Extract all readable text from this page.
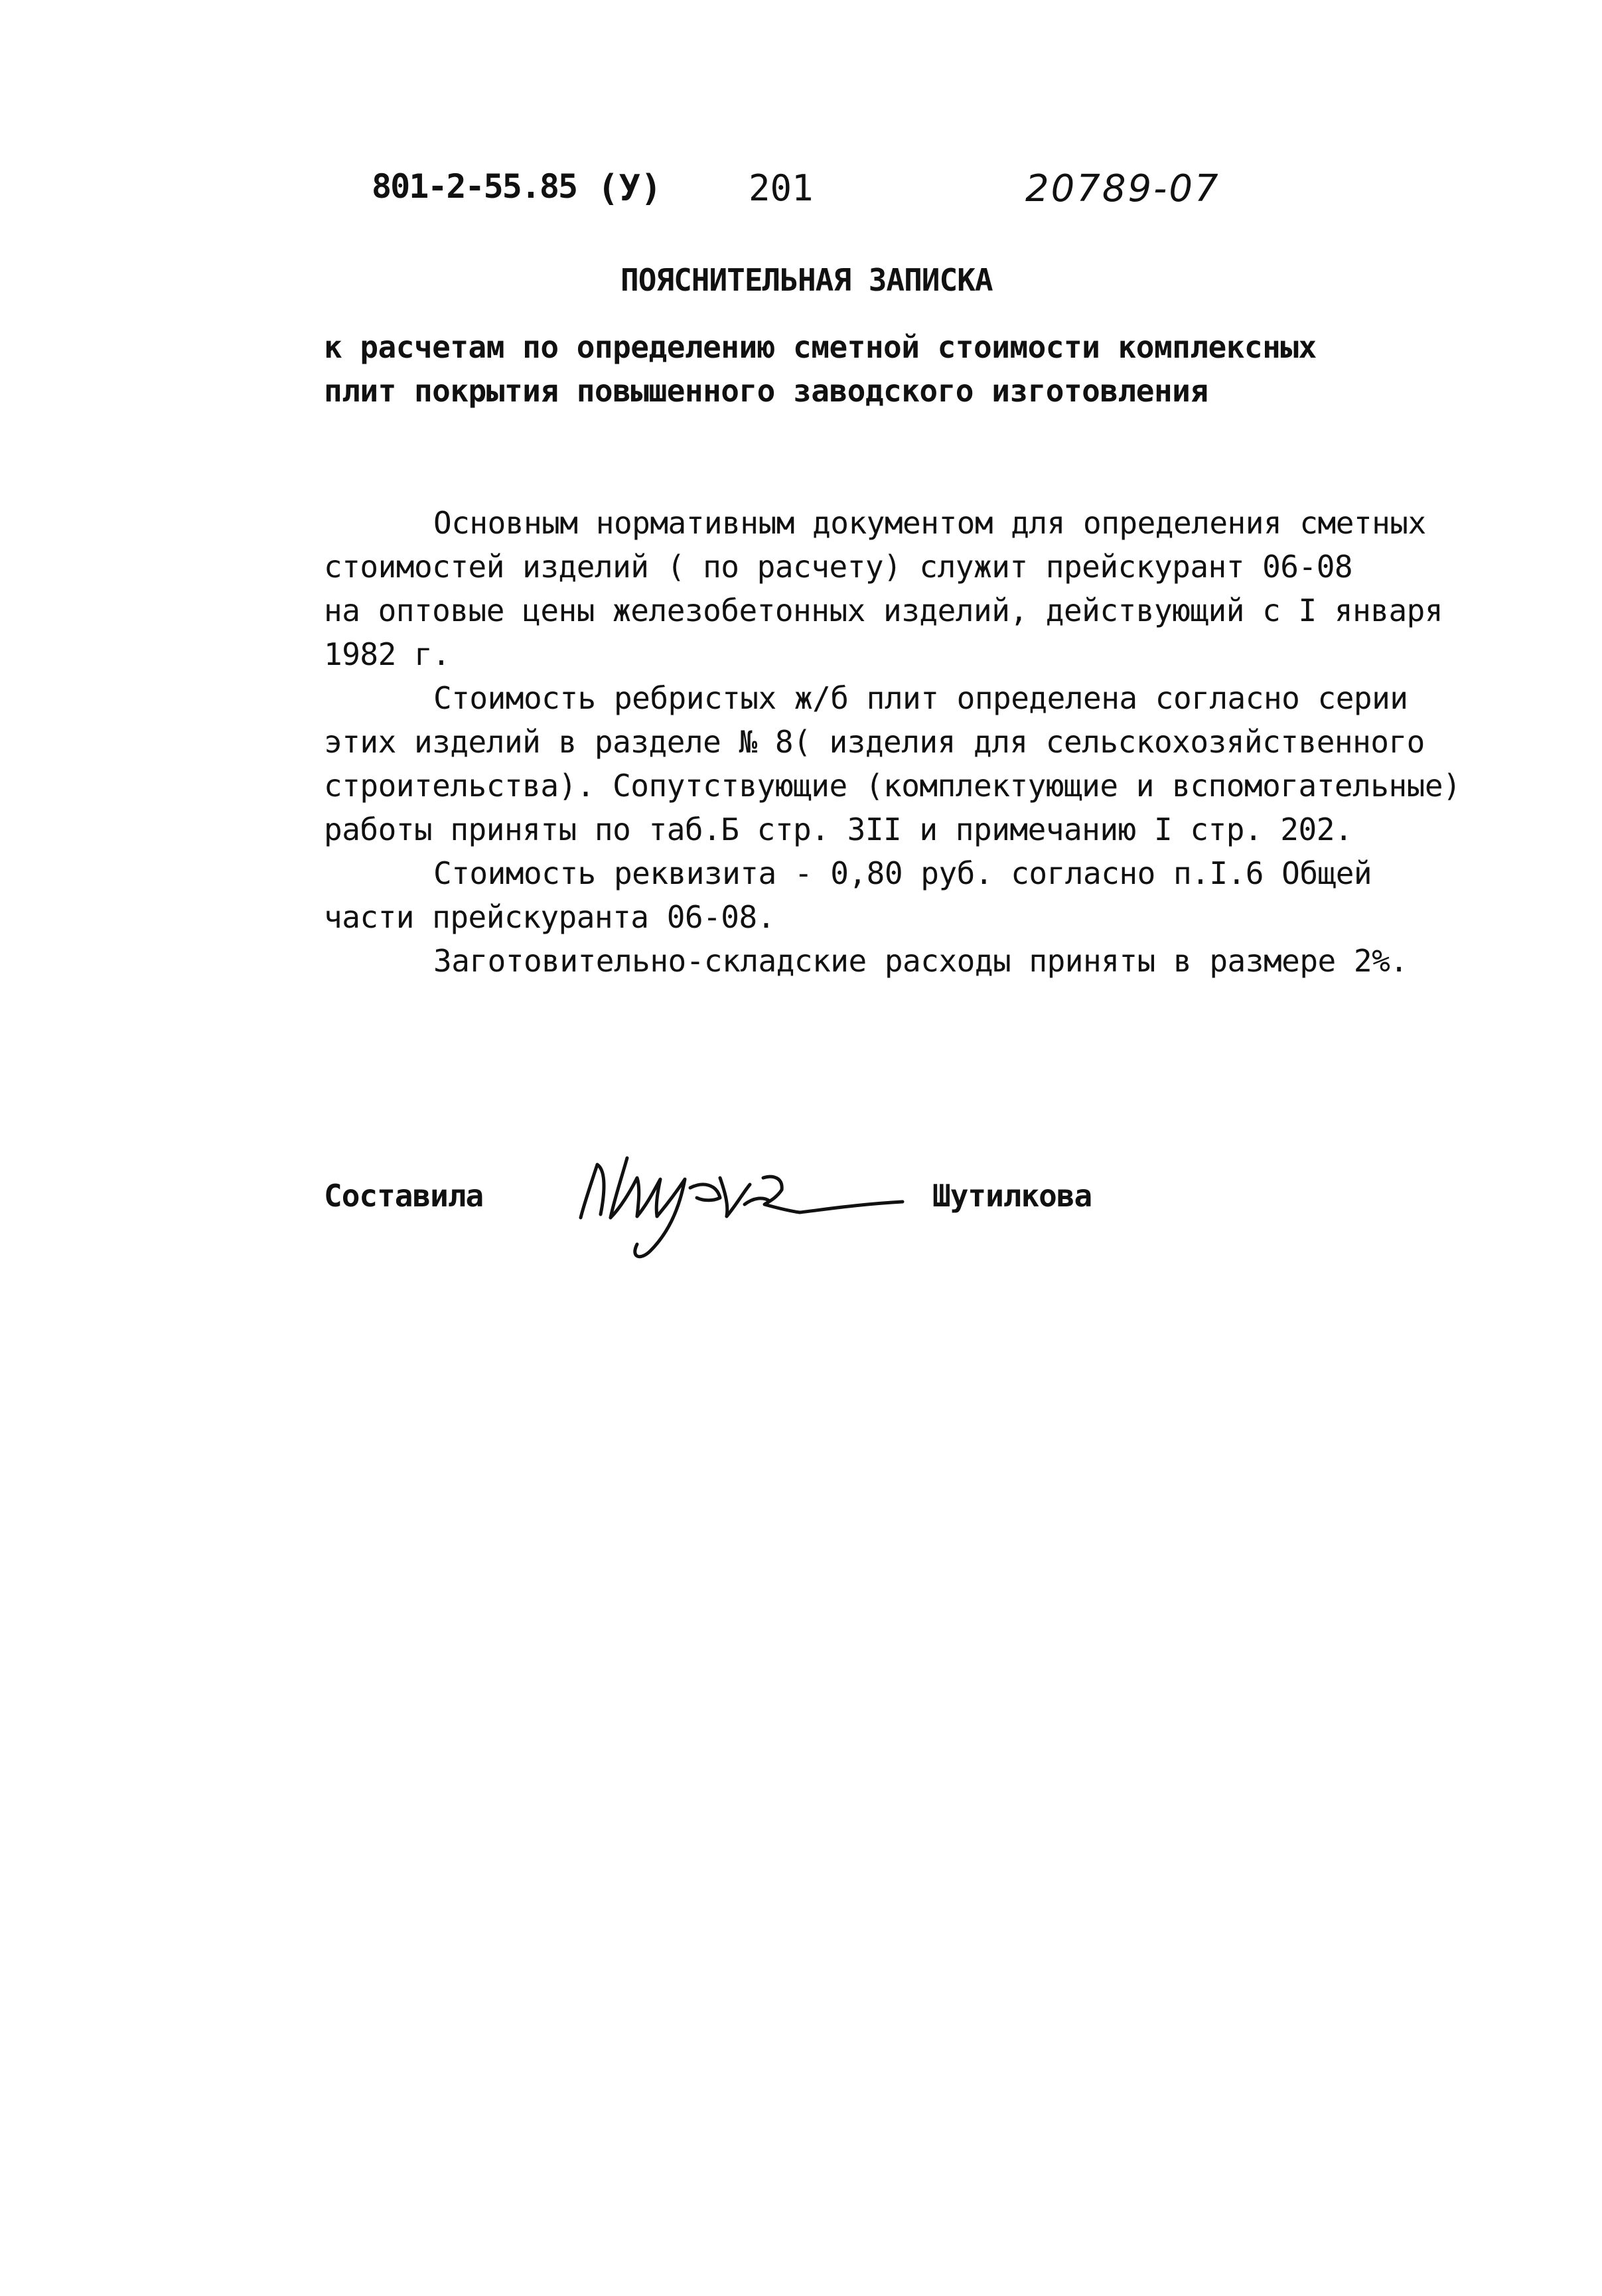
801-2-55.85 (У) 201	20789-07
ПОЯСНИТЕЛЬНАЯ ЗАПИСКА
к расчетам по определению сметной стоимости комплексных
плит покрытия повышенного заводского изготовления
Основным нормативным документом для определения сметных
стоимостей изделий ( по расчету) служит прейскурант 06-08
на оптовые цены железобетонных изделий, действующий с I января
1982 г.
Стоимость ребристых ж/б плит определена согласно серии
этих изделий в разделе № 8( изделия для сельскохозяйственного
строительства). Сопутствующие (комплектующие и вспомогательные)
работы приняты по таб.Б стр. 3II и примечанию I стр. 202.
Стоимость реквизита - 0,80 руб. согласно п.I.6 Общей
части прейскуранта 06-08.
Заготовительно-складские расходы приняты в размере 2%.
Составила	Шутилкова
